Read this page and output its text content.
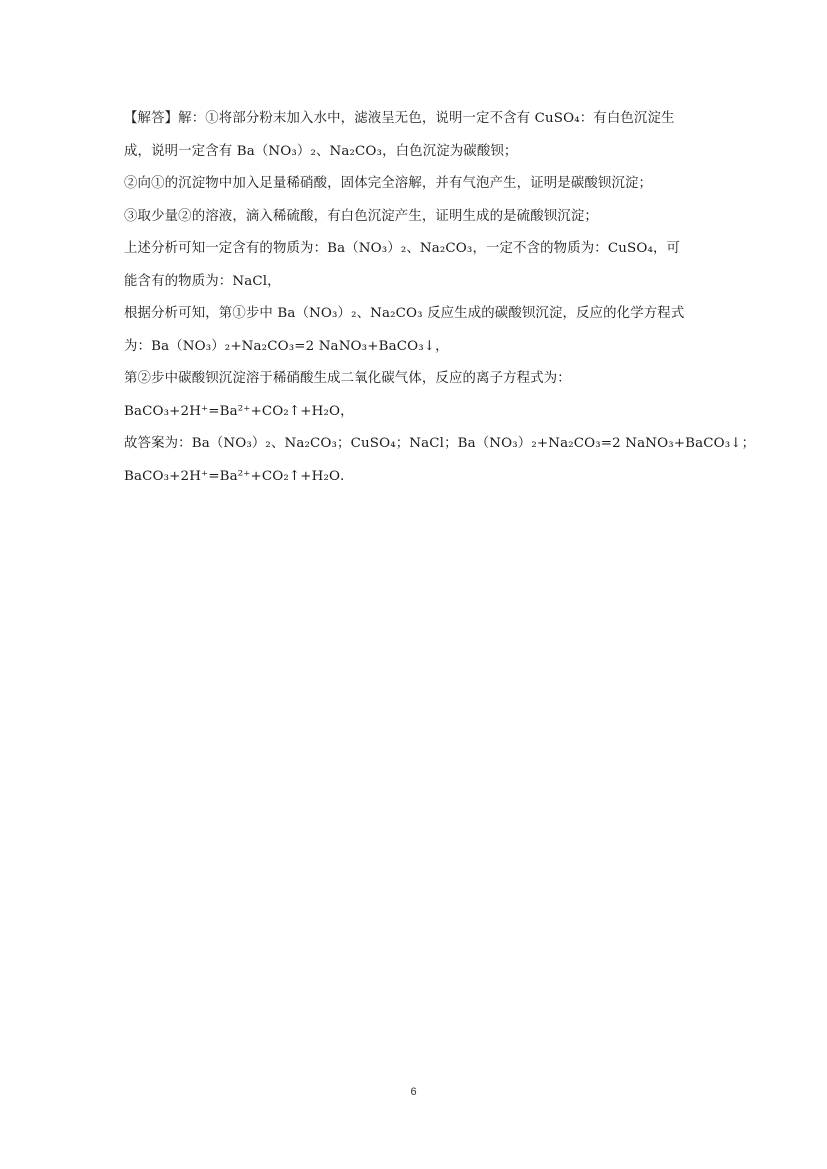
【解答】解：①将部分粉末加入水中，滤液呈无色，说明一定不含有 CuSO₄：有白色沉淀生
成，说明一定含有 Ba（NO₃）₂、Na₂CO₃，白色沉淀为碳酸钡；
②向①的沉淀物中加入足量稀硝酸，固体完全溶解，并有气泡产生，证明是碳酸钡沉淀；
③取少量②的溶液，滴入稀硫酸，有白色沉淀产生，证明生成的是硫酸钡沉淀；
上述分析可知一定含有的物质为：Ba（NO₃）₂、Na₂CO₃，一定不含的物质为：CuSO₄，可
能含有的物质为：NaCl，
根据分析可知，第①步中 Ba（NO₃）₂、Na₂CO₃ 反应生成的碳酸钡沉淀，反应的化学方程式
为：Ba（NO₃）₂+Na₂CO₃=2 NaNO₃+BaCO₃↓，
第②步中碳酸钡沉淀溶于稀硝酸生成二氧化碳气体，反应的离子方程式为：
BaCO₃+2H⁺=Ba²⁺+CO₂↑+H₂O，
故答案为：Ba（NO₃）₂、Na₂CO₃；CuSO₄；NaCl；Ba（NO₃）₂+Na₂CO₃=2 NaNO₃+BaCO₃↓；
BaCO₃+2H⁺=Ba²⁺+CO₂↑+H₂O．
6
